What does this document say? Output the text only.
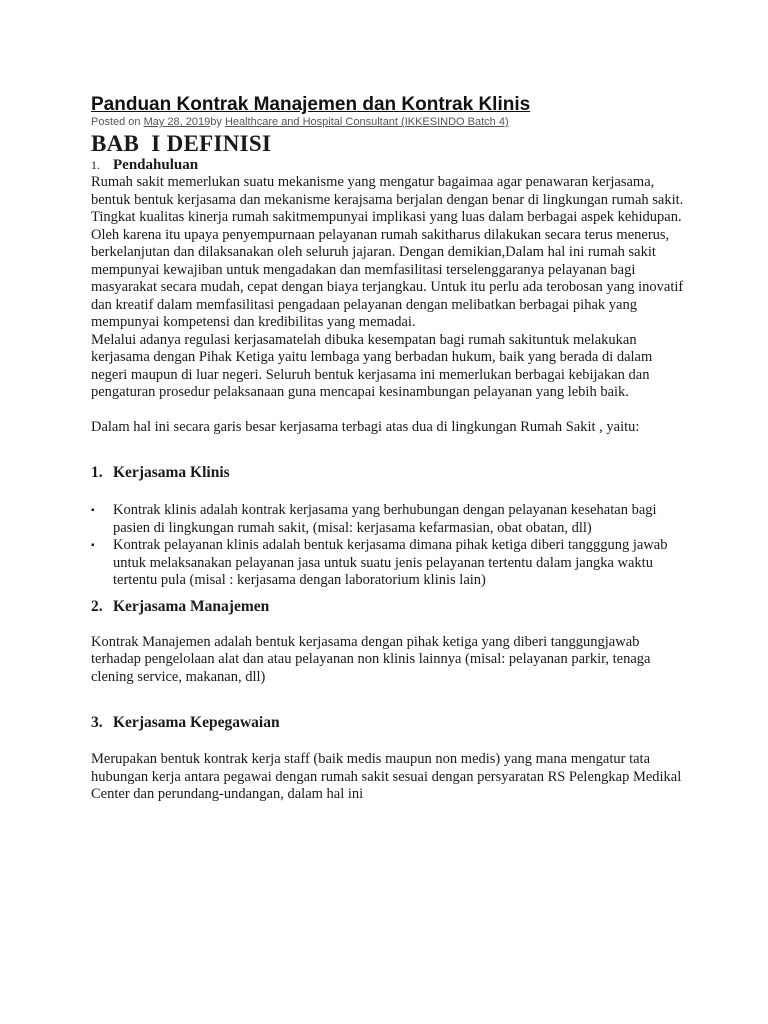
Panduan Kontrak Manajemen dan Kontrak Klinis
Posted on May 28, 2019by Healthcare and Hospital Consultant (IKKESINDO Batch 4)
BAB  I DEFINISI
1. Pendahuluan

Rumah sakit memerlukan suatu mekanisme yang mengatur bagaimaa agar penawaran kerjasama, bentuk bentuk kerjasama dan mekanisme kerajsama berjalan dengan benar di lingkungan rumah sakit. Tingkat kualitas kinerja rumah sakitmempunyai implikasi yang luas dalam berbagai aspek kehidupan. Oleh karena itu upaya penyempurnaan pelayanan rumah sakitharus dilakukan secara terus menerus, berkelanjutan dan dilaksanakan oleh seluruh jajaran. Dengan demikian,Dalam hal ini rumah sakit mempunyai kewajiban untuk mengadakan dan memfasilitasi terselenggaranya pelayanan bagi masyarakat secara mudah, cepat dengan biaya terjangkau. Untuk itu perlu ada terobosan yang inovatif dan kreatif dalam memfasilitasi pengadaan pelayanan dengan melibatkan berbagai pihak yang mempunyai kompetensi dan kredibilitas yang memadai.

Melalui adanya regulasi kerjasamatelah dibuka kesempatan bagi rumah sakituntuk melakukan kerjasama dengan Pihak Ketiga yaitu lembaga yang berbadan hukum, baik yang berada di dalam negeri maupun di luar negeri. Seluruh bentuk kerjasama ini memerlukan berbagai kebijakan dan pengaturan prosedur pelaksanaan guna mencapai kesinambungan pelayanan yang lebih baik.

Dalam hal ini secara garis besar kerjasama terbagi atas dua di lingkungan Rumah Sakit , yaitu:

1. Kerjasama Klinis
▪ Kontrak klinis adalah kontrak kerjasama yang berhubungan dengan pelayanan kesehatan bagi pasien di lingkungan rumah sakit, (misal: kerjasama kefarmasian, obat obatan, dll)
▪ Kontrak pelayanan klinis adalah bentuk kerjasama dimana pihak ketiga diberi tangggung jawab untuk melaksanakan pelayanan jasa untuk suatu jenis pelayanan tertentu dalam jangka waktu tertentu pula (misal : kerjasama dengan laboratorium klinis lain)
2. Kerjasama Manajemen

Kontrak Manajemen adalah bentuk kerjasama dengan pihak ketiga yang diberi tanggungjawab terhadap pengelolaan alat dan atau pelayanan non klinis lainnya (misal: pelayanan parkir, tenaga clening service, makanan, dll)

3. Kerjasama Kepegawaian

Merupakan bentuk kontrak kerja staff (baik medis maupun non medis) yang mana mengatur tata hubungan kerja antara pegawai dengan rumah sakit sesuai dengan persyaratan RS Pelengkap Medikal Center dan perundang-undangan, dalam hal ini
